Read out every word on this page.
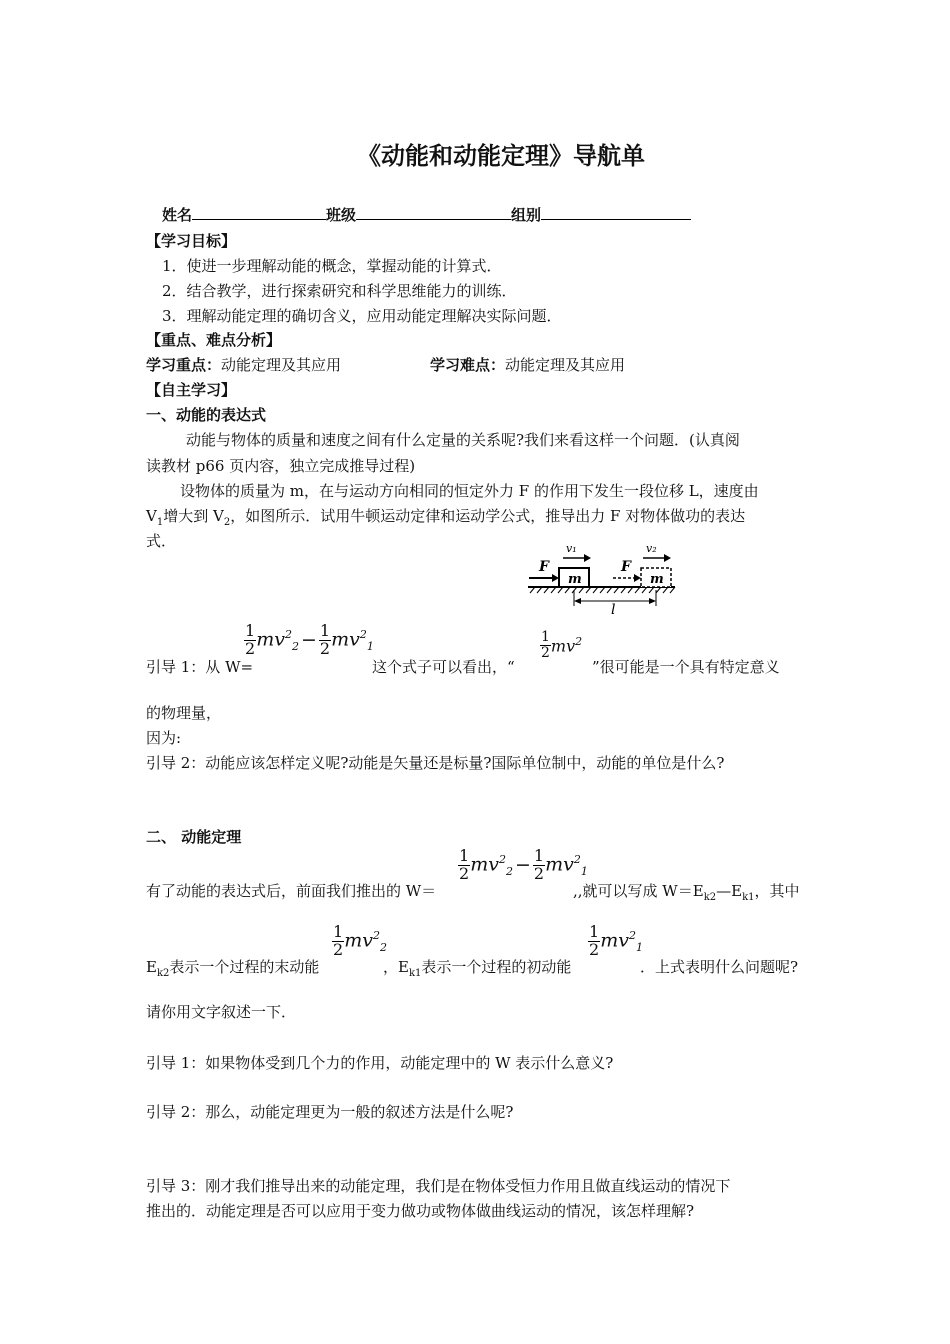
《动能和动能定理》导航单
姓名	班级	组别
【学习目标】
1．使进一步理解动能的概念，掌握动能的计算式．
2．结合教学，进行探索研究和科学思维能力的训练．
3．理解动能定理的确切含义，应用动能定理解决实际问题．
【重点、难点分析】
学习重点：动能定理及其应用	学习难点：动能定理及其应用
【自主学习】
一、动能的表达式
动能与物体的质量和速度之间有什么定量的关系呢?我们来看这样一个问题．(认真阅
读教材 p66 页内容，独立完成推导过程)
设物体的质量为 m，在与运动方向相同的恒定外力 F 的作用下发生一段位移 L，速度由
$V_1$增大到 $V_2$，如图所示．试用牛顿运动定律和运动学公式，推导出力 F 对物体做功的表达
式．
m	m
F	F
v₁	v₂
l
引导 1：从 W=
$\frac{1}{2} mv^2_2 - \frac{1}{2} mv^2_1$
这个式子可以看出，“
$\frac{1}{2} mv^2$
”很可能是一个具有特定意义
的物理量，
因为:
引导 2：动能应该怎样定义呢?动能是矢量还是标量?国际单位制中，动能的单位是什么?
二、 动能定理
有了动能的表达式后，前面我们推出的 W＝
$\frac{1}{2} mv^2_2 - \frac{1}{2} mv^2_1$
,,就可以写成 $W=E_{k2}—E_{k1}$，其中
$E_{k2}$表示一个过程的末动能
$\frac{1}{2} mv^2_2$
，$E_{k1}$表示一个过程的初动能
$\frac{1}{2} mv^2_1$
．上式表明什么问题呢?
请你用文字叙述一下．
引导 1：如果物体受到几个力的作用，动能定理中的 W 表示什么意义?
引导 2：那么，动能定理更为一般的叙述方法是什么呢?
引导 3：刚才我们推导出来的动能定理，我们是在物体受恒力作用且做直线运动的情况下
推出的．动能定理是否可以应用于变力做功或物体做曲线运动的情况，该怎样理解?
